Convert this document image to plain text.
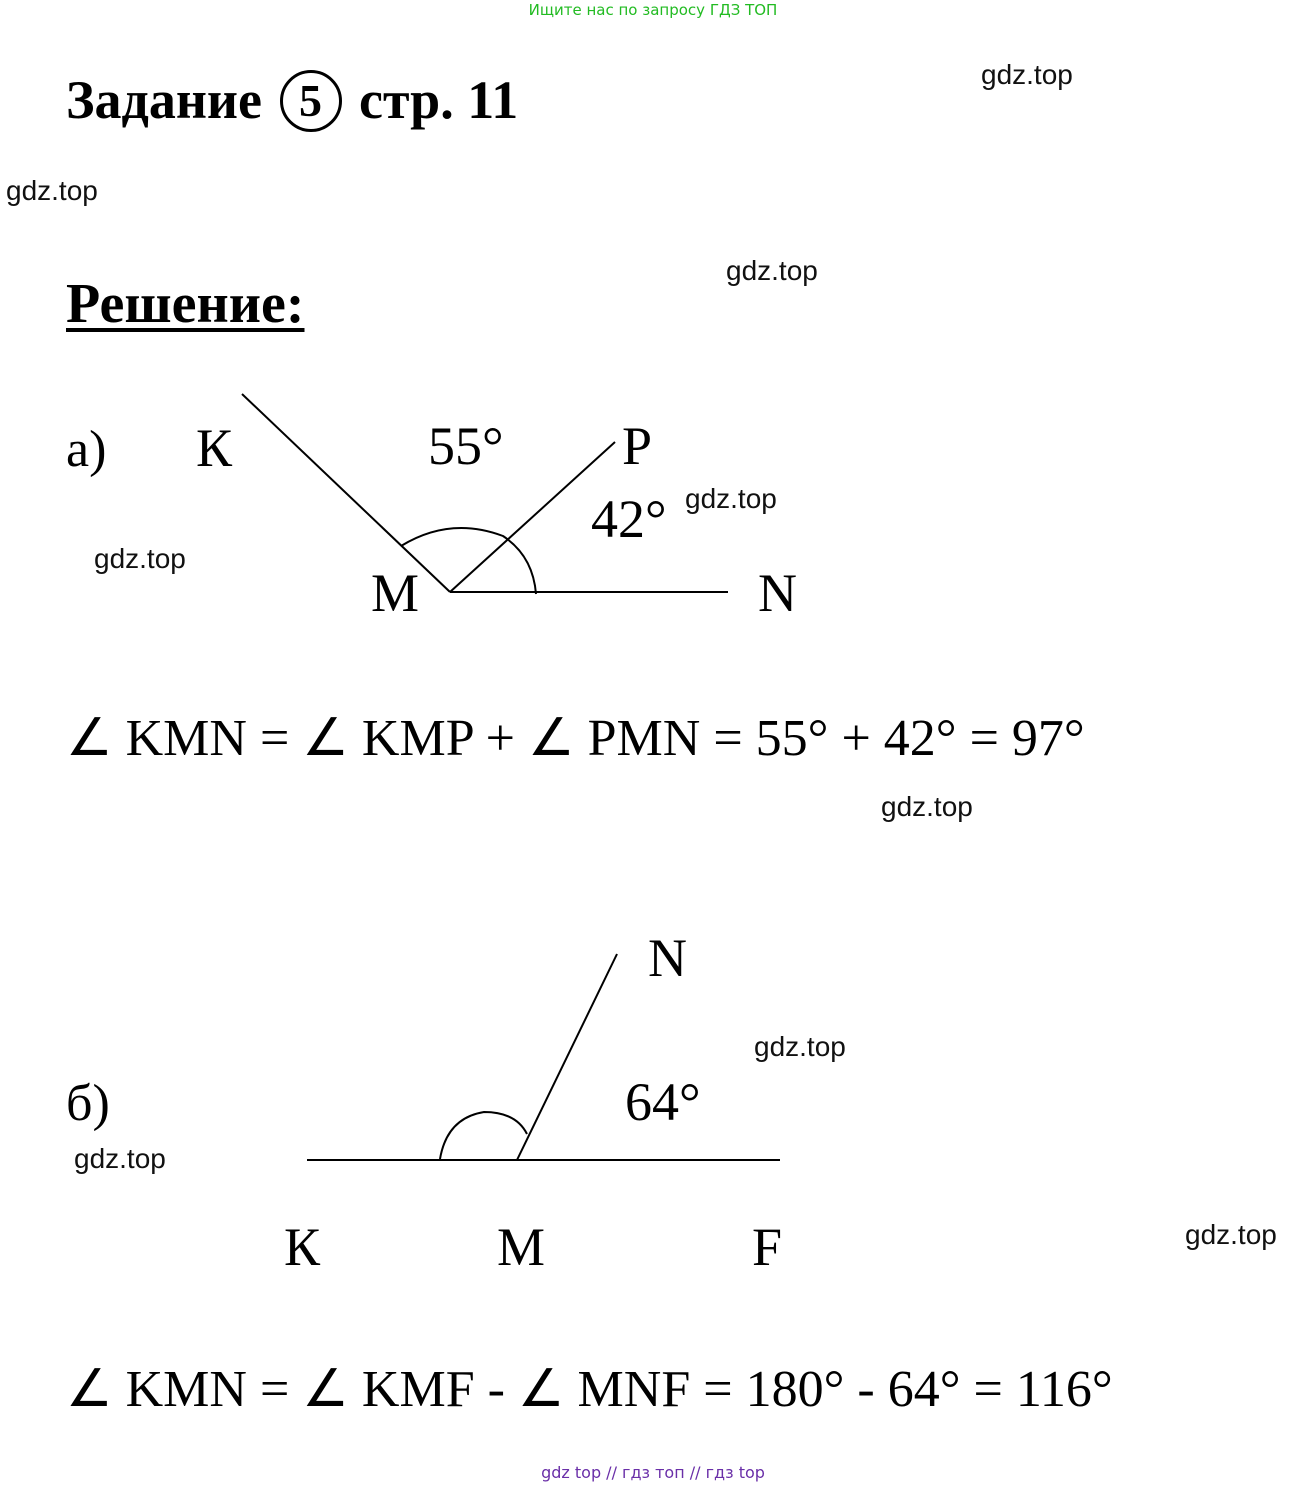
Ищите нас по запросу ГДЗ ТОП
Задание 5 стр. 11
Решение:
gdz.top
gdz.top
gdz.top
gdz.top
gdz.top
gdz.top
gdz.top
gdz.top
gdz.top
а) К	55° P
42°
M	N
∠ KMN = ∠ KMP + ∠ PMN = 55° + 42° = 97°
N
б)	64°
К	M	F
∠ KMN = ∠ KMF - ∠ MNF = 180° - 64° = 116°
gdz top // гдз топ // гдз top
